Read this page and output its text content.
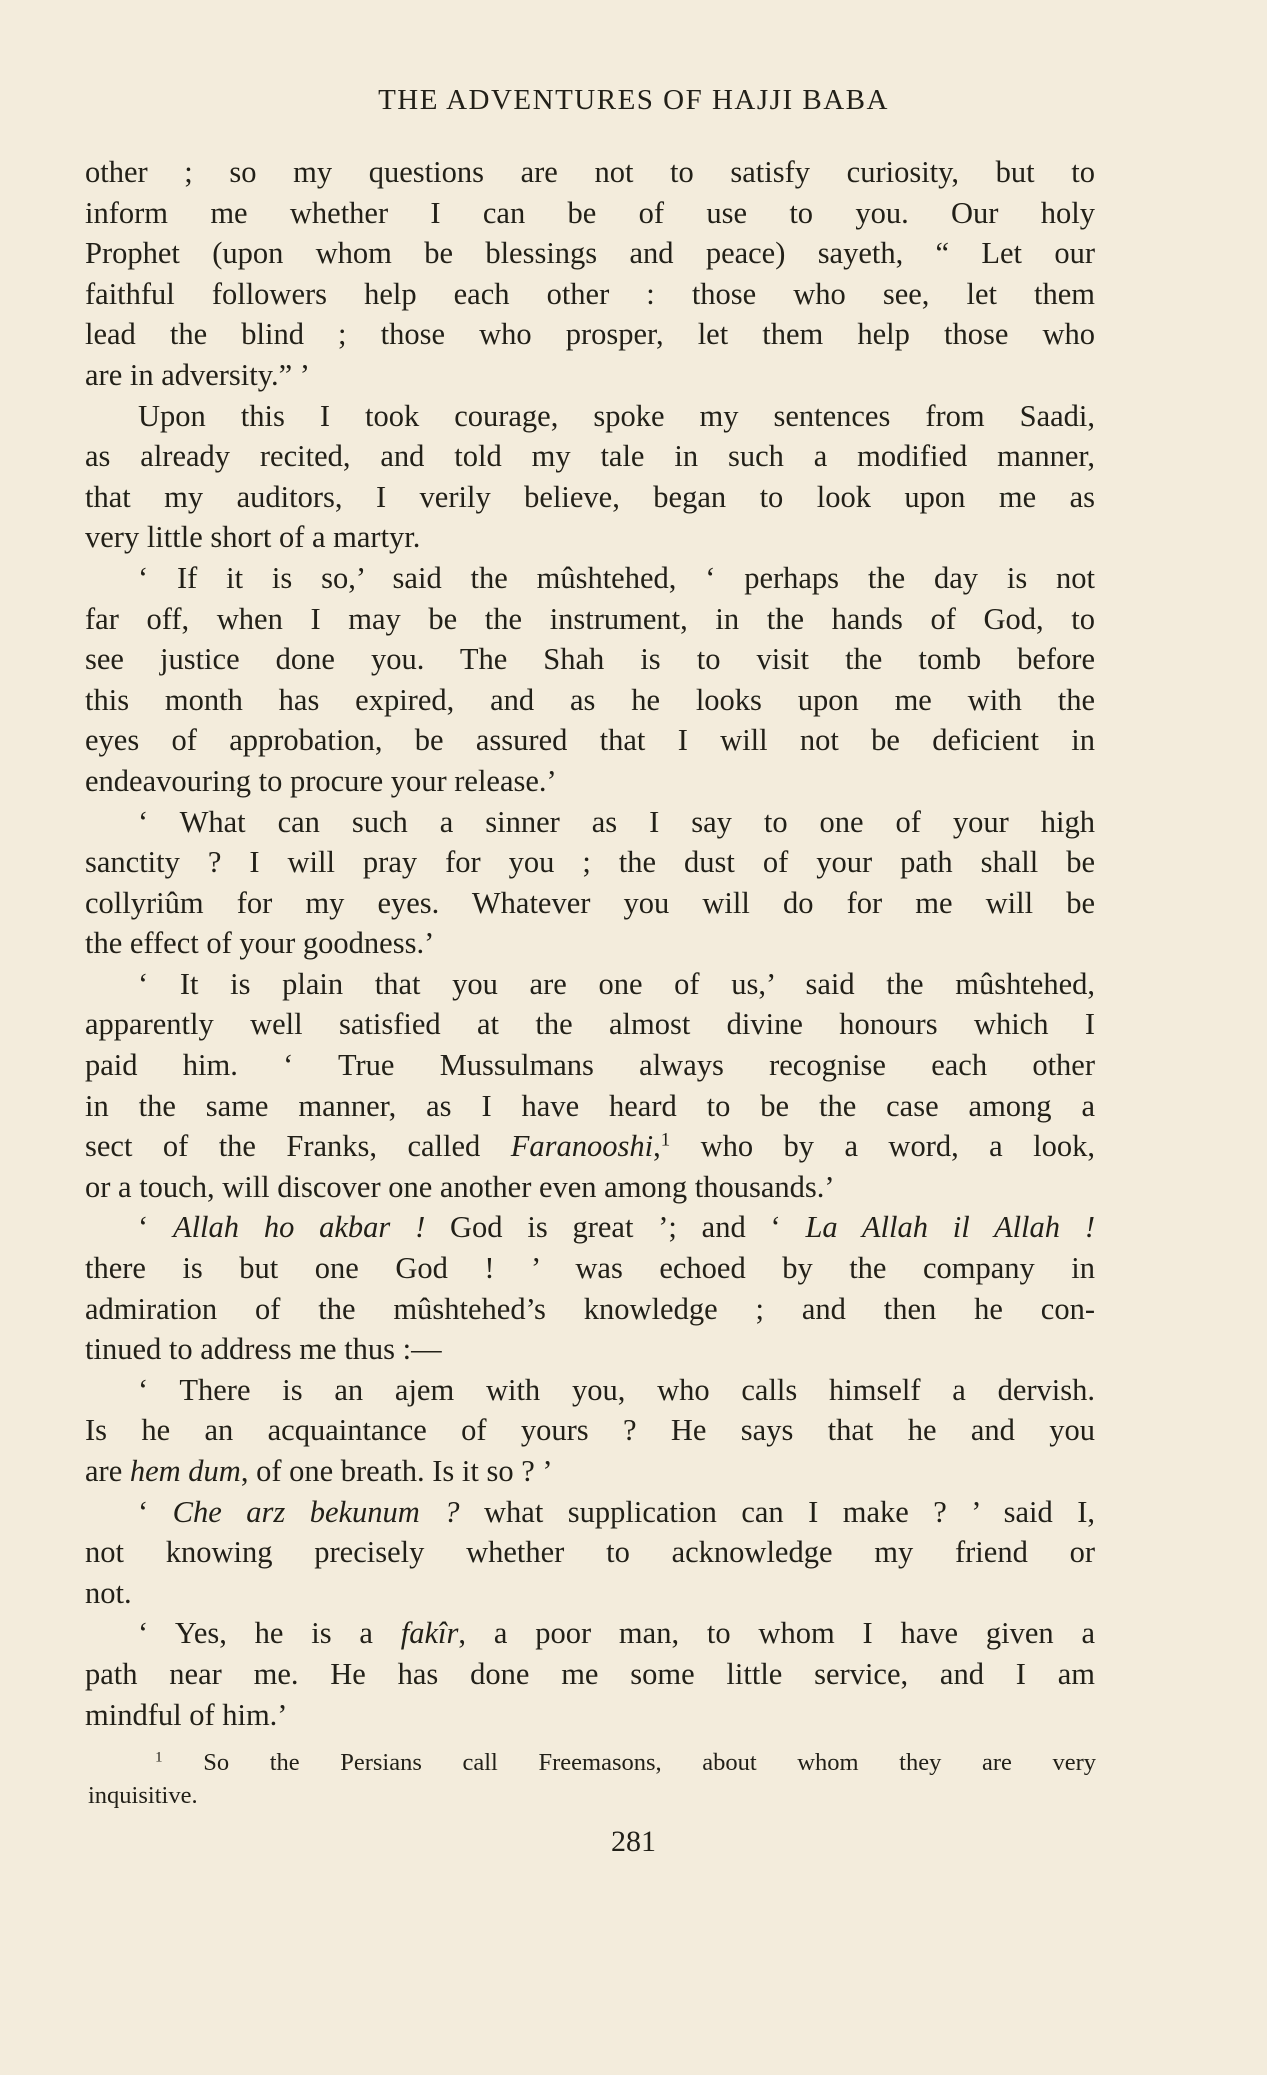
THE ADVENTURES OF HAJJI BABA
other ; so my questions are not to satisfy curiosity, but to
inform me whether I can be of use to you. Our holy
Prophet (upon whom be blessings and peace) sayeth, “ Let our
faithful followers help each other : those who see, let them
lead the blind ; those who prosper, let them help those who
are in adversity.” ’
Upon this I took courage, spoke my sentences from Saadi,
as already recited, and told my tale in such a modified manner,
that my auditors, I verily believe, began to look upon me as
very little short of a martyr.
‘ If it is so,’ said the mûshtehed, ‘ perhaps the day is not
far off, when I may be the instrument, in the hands of God, to
see justice done you. The Shah is to visit the tomb before
this month has expired, and as he looks upon me with the
eyes of approbation, be assured that I will not be deficient in
endeavouring to procure your release.’
‘ What can such a sinner as I say to one of your high
sanctity ? I will pray for you ; the dust of your path shall be
collyriûm for my eyes. Whatever you will do for me will be
the effect of your goodness.’
‘ It is plain that you are one of us,’ said the mûshtehed,
apparently well satisfied at the almost divine honours which I
paid him. ‘ True Mussulmans always recognise each other
in the same manner, as I have heard to be the case among a
sect of the Franks, called Faranooshi,$^1$ who by a word, a look,
or a touch, will discover one another even among thousands.’
‘ Allah ho akbar ! God is great ’; and ‘ La Allah il Allah !
there is but one God ! ’ was echoed by the company in
admiration of the mûshtehed’s knowledge ; and then he con-
tinued to address me thus :—
‘ There is an ajem with you, who calls himself a dervish.
Is he an acquaintance of yours ? He says that he and you
are hem dum, of one breath. Is it so ? ’
‘ Che arz bekunum ? what supplication can I make ? ’ said I,
not knowing precisely whether to acknowledge my friend or
not.
‘ Yes, he is a fakîr, a poor man, to whom I have given a
path near me. He has done me some little service, and I am
mindful of him.’
$^1$ So the Persians call Freemasons, about whom they are very
inquisitive.
281
